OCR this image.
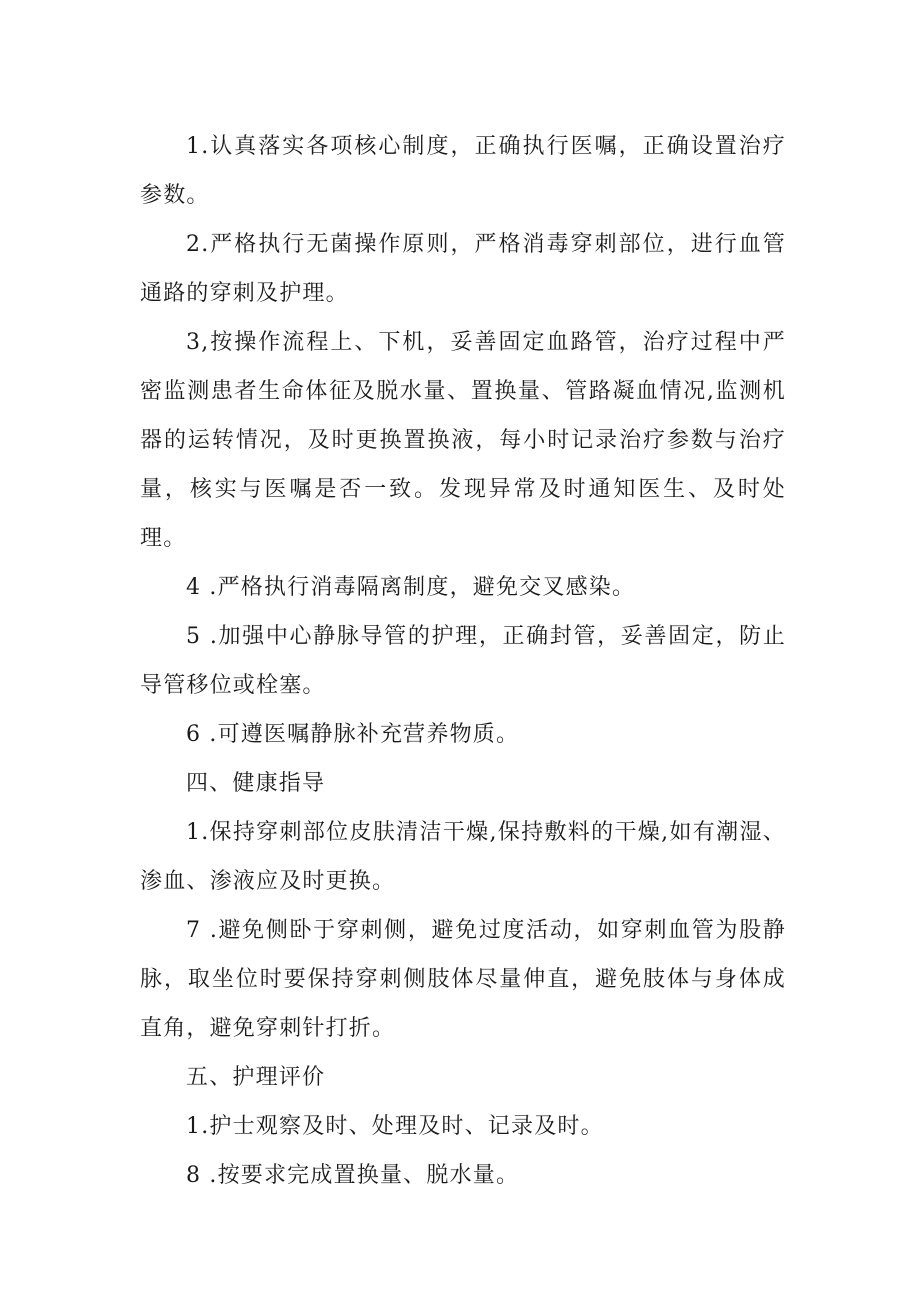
1.认真落实各项核心制度，正确执行医嘱，正确设置治疗参数。

2.严格执行无菌操作原则，严格消毒穿刺部位，进行血管通路的穿刺及护理。

3,按操作流程上、下机，妥善固定血路管，治疗过程中严密监测患者生命体征及脱水量、置换量、管路凝血情况,监测机器的运转情况，及时更换置换液，每小时记录治疗参数与治疗量，核实与医嘱是否一致。发现异常及时通知医生、及时处理。

4 .严格执行消毒隔离制度，避免交叉感染。

5 .加强中心静脉导管的护理，正确封管，妥善固定，防止导管移位或栓塞。

6 .可遵医嘱静脉补充营养物质。

四、健康指导

1.保持穿刺部位皮肤清洁干燥,保持敷料的干燥,如有潮湿、渗血、渗液应及时更换。

7 .避免侧卧于穿刺侧，避免过度活动，如穿刺血管为股静脉，取坐位时要保持穿刺侧肢体尽量伸直，避免肢体与身体成直角，避免穿刺针打折。

五、护理评价

1.护士观察及时、处理及时、记录及时。

8 .按要求完成置换量、脱水量。
